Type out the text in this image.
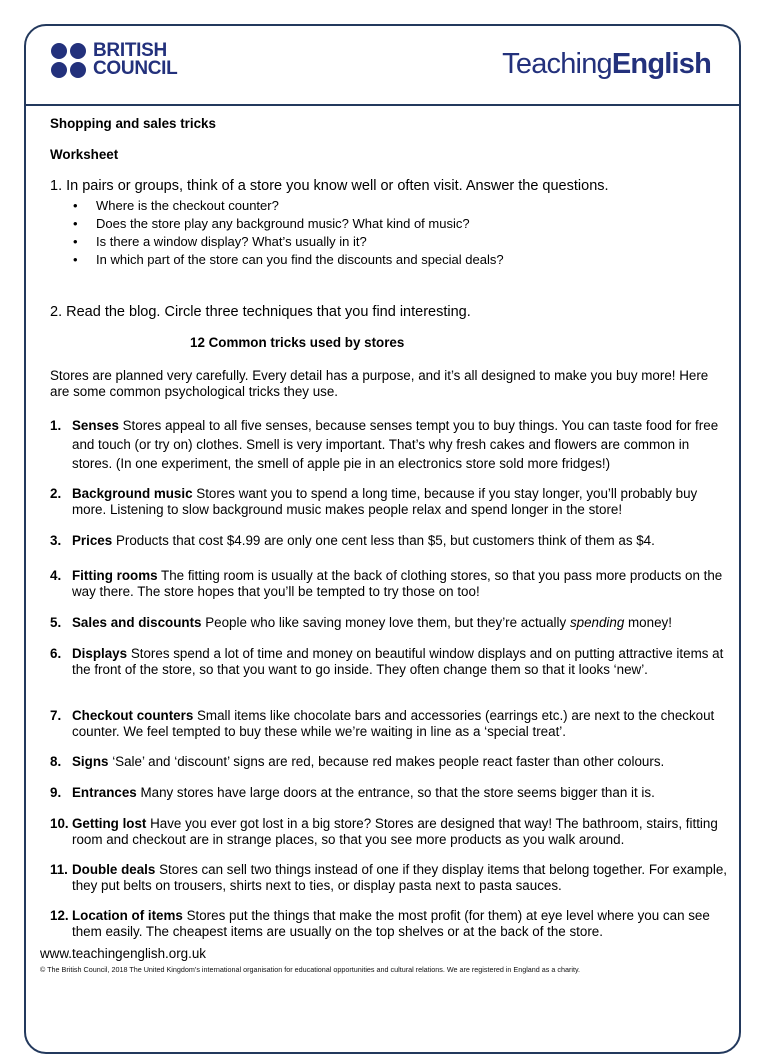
BRITISH
COUNCIL	TeachingEnglish
Shopping and sales tricks
Worksheet
1. In pairs or groups, think of a store you know well or often visit. Answer the questions.
• Where is the checkout counter?
• Does the store play any background music? What kind of music?
• Is there a window display? What’s usually in it?
• In which part of the store can you find the discounts and special deals?
2. Read the blog. Circle three techniques that you find interesting.
12 Common tricks used by stores
Stores are planned very carefully. Every detail has a purpose, and it’s all designed to make you buy more! Here are some common psychological tricks they use.
1. Senses Stores appeal to all five senses, because senses tempt you to buy things. You can taste food for free and touch (or try on) clothes. Smell is very important. That’s why fresh cakes and flowers are common in stores. (In one experiment, the smell of apple pie in an electronics store sold more fridges!)
2. Background music Stores want you to spend a long time, because if you stay longer, you’ll probably buy more. Listening to slow background music makes people relax and spend longer in the store!
3. Prices Products that cost $4.99 are only one cent less than $5, but customers think of them as $4.
4. Fitting rooms The fitting room is usually at the back of clothing stores, so that you pass more products on the way there. The store hopes that you’ll be tempted to try those on too!
5. Sales and discounts People who like saving money love them, but they’re actually spending money!
6. Displays Stores spend a lot of time and money on beautiful window displays and on putting attractive items at the front of the store, so that you want to go inside. They often change them so that it looks ‘new’.
7. Checkout counters Small items like chocolate bars and accessories (earrings etc.) are next to the checkout counter. We feel tempted to buy these while we’re waiting in line as a ‘special treat’.
8. Signs ‘Sale’ and ‘discount’ signs are red, because red makes people react faster than other colours.
9. Entrances Many stores have large doors at the entrance, so that the store seems bigger than it is.
10. Getting lost Have you ever got lost in a big store? Stores are designed that way! The bathroom, stairs, fitting room and checkout are in strange places, so that you see more products as you walk around.
11. Double deals Stores can sell two things instead of one if they display items that belong together. For example, they put belts on trousers, shirts next to ties, or display pasta next to pasta sauces.
12. Location of items Stores put the things that make the most profit (for them) at eye level where you can see them easily. The cheapest items are usually on the top shelves or at the back of the store.
www.teachingenglish.org.uk
© The British Council, 2018 The United Kingdom’s international organisation for educational opportunities and cultural relations. We are registered in England as a charity.
